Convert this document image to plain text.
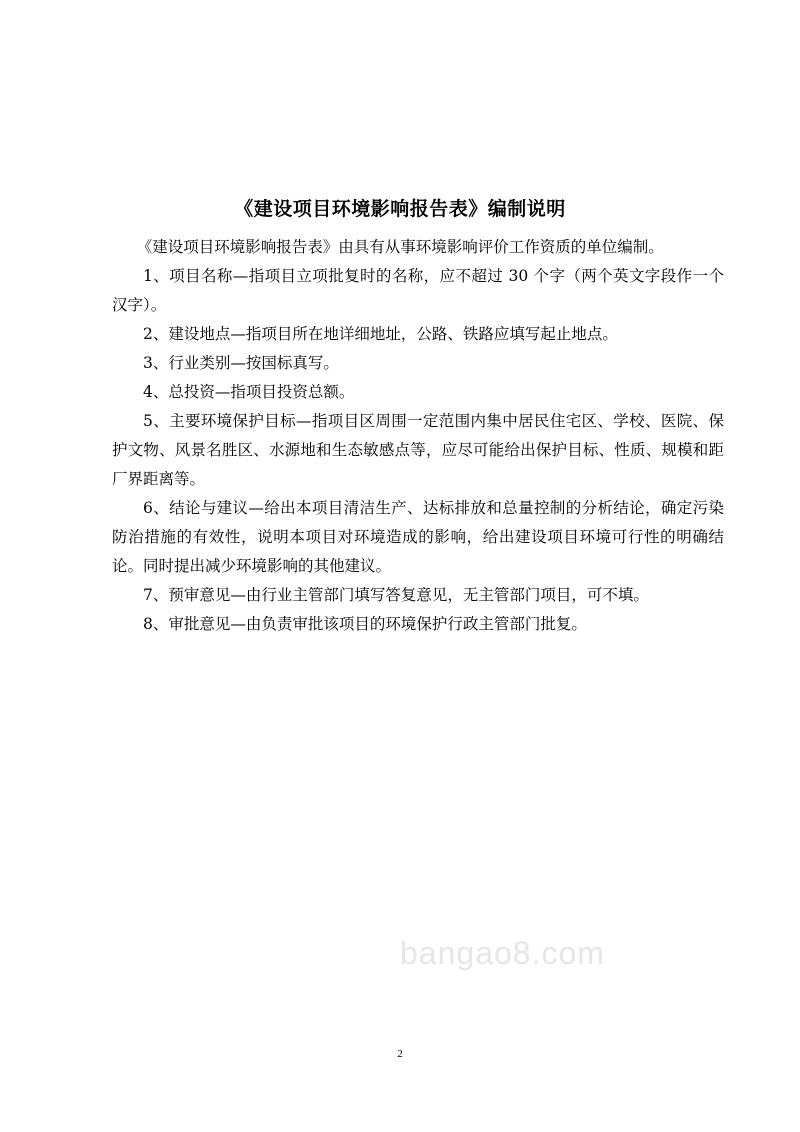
《建设项目环境影响报告表》编制说明

《建设项目环境影响报告表》由具有从事环境影响评价工作资质的单位编制。

1、项目名称—指项目立项批复时的名称，应不超过 30 个字（两个英文字段作一个汉字）。

2、建设地点—指项目所在地详细地址，公路、铁路应填写起止地点。

3、行业类别—按国标真写。

4、总投资—指项目投资总额。

5、主要环境保护目标—指项目区周围一定范围内集中居民住宅区、学校、医院、保护文物、风景名胜区、水源地和生态敏感点等，应尽可能给出保护目标、性质、规模和距厂界距离等。

6、结论与建议—给出本项目清洁生产、达标排放和总量控制的分析结论，确定污染防治措施的有效性，说明本项目对环境造成的影响，给出建设项目环境可行性的明确结论。同时提出减少环境影响的其他建议。

7、预审意见—由行业主管部门填写答复意见，无主管部门项目，可不填。

8、审批意见—由负责审批该项目的环境保护行政主管部门批复。

bangao8.com
2
